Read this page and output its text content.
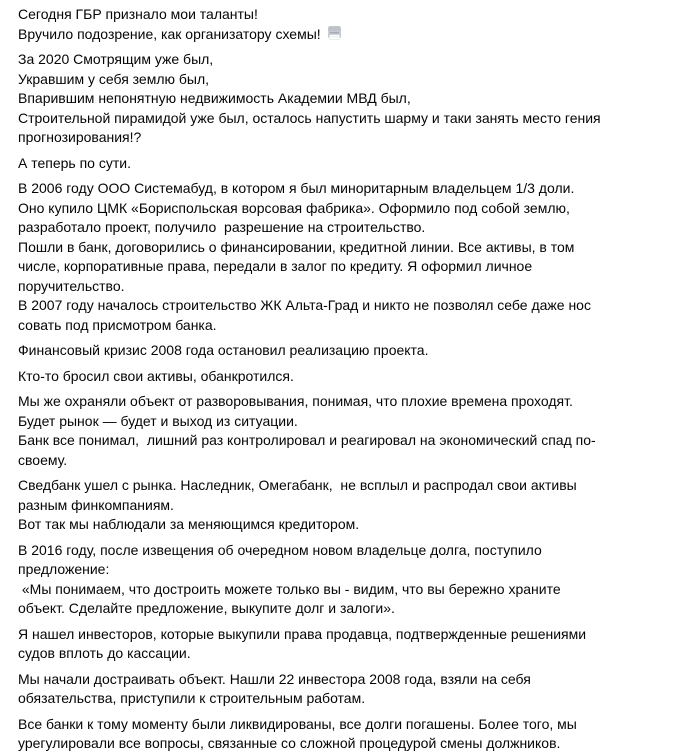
Сегодня ГБР признало мои таланты!
Вручило подозрение, как организатору схемы!

За 2020 Смотрящим уже был,
Укравшим у себя землю был,
Впарившим непонятную недвижимость Академии МВД был,
Строительной пирамидой уже был, осталось напустить шарму и таки занять место гения
прогнозирования!?

А теперь по сути.

В 2006 году ООО Системабуд, в котором я был миноритарным владельцем 1/3 доли.
Оно купило ЦМК «Бориспольская ворсовая фабрика». Оформило под собой землю,
разработало проект, получило  разрешение на строительство.
Пошли в банк, договорились о финансировании, кредитной линии. Все активы, в том
числе, корпоративные права, передали в залог по кредиту. Я оформил личное
поручительство.
В 2007 году началось строительство ЖК Альта-Град и никто не позволял себе даже нос
совать под присмотром банка.

Финансовый кризис 2008 года остановил реализацию проекта.

Кто-то бросил свои активы, обанкротился.

Мы же охраняли объект от разворовывания, понимая, что плохие времена проходят.
Будет рынок — будет и выход из ситуации.
Банк все понимал,  лишний раз контролировал и реагировал на экономический спад по-
своему.

Сведбанк ушел с рынка. Наследник, Омегабанк,  не всплыл и распродал свои активы
разным финкомпаниям.
Вот так мы наблюдали за меняющимся кредитором.

В 2016 году, после извещения об очередном новом владельце долга, поступило
предложение:
«Мы понимаем, что достроить можете только вы - видим, что вы бережно храните
объект. Сделайте предложение, выкупите долг и залоги».

Я нашел инвесторов, которые выкупили права продавца, подтвержденные решениями
судов вплоть до кассации.

Мы начали достраивать объект. Нашли 22 инвестора 2008 года, взяли на себя
обязательства, приступили к строительным работам.

Все банки к тому моменту были ликвидированы, все долги погашены. Более того, мы
урегулировали все вопросы, связанные со сложной процедурой смены должников.
